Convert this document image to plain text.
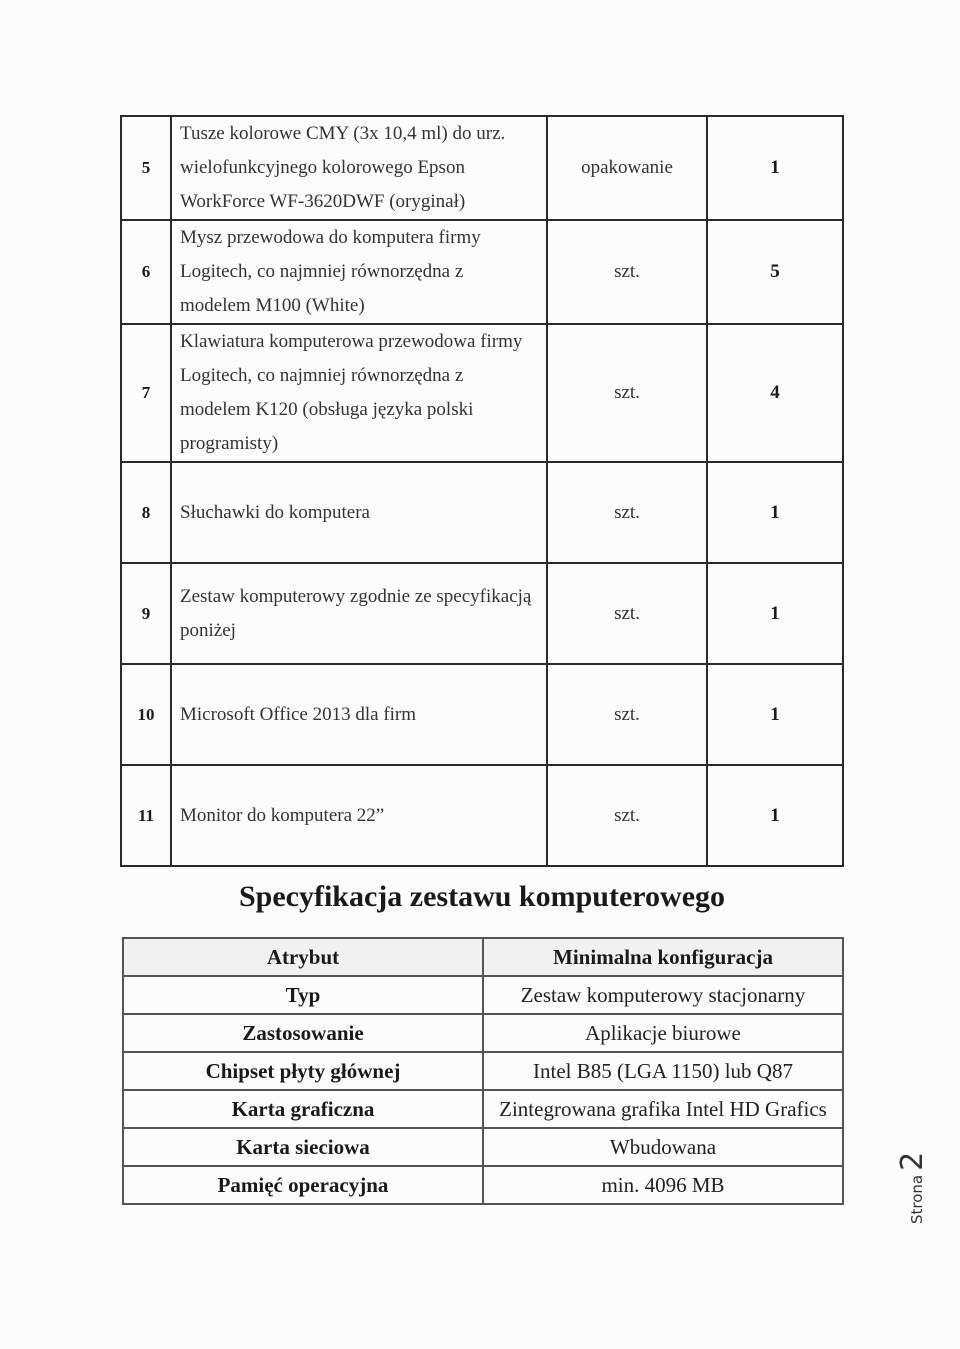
5	Tusze kolorowe CMY (3x 10,4 ml) do urz.
wielofunkcyjnego kolorowego Epson
WorkForce WF-3620DWF (oryginał)	opakowanie	1
6	Mysz przewodowa do komputera firmy
Logitech, co najmniej równorzędna z
modelem M100 (White)	szt.	5
7	Klawiatura komputerowa przewodowa firmy
Logitech, co najmniej równorzędna z
modelem K120 (obsługa języka polski
programisty)	szt.	4
8	Słuchawki do komputera	szt.	1
9	Zestaw komputerowy zgodnie ze specyfikacją
poniżej	szt.	1
10	Microsoft Office 2013 dla firm	szt.	1
11	Monitor do komputera 22”	szt.	1
Specyfikacja zestawu komputerowego
Atrybut	Minimalna konfiguracja
Typ	Zestaw komputerowy stacjonarny
Zastosowanie	Aplikacje biurowe
Chipset płyty głównej	Intel B85 (LGA 1150) lub Q87
Karta graficzna	Zintegrowana grafika Intel HD Grafics
Karta sieciowa	Wbudowana
Pamięć operacyjna	min. 4096 MB	Strona2
